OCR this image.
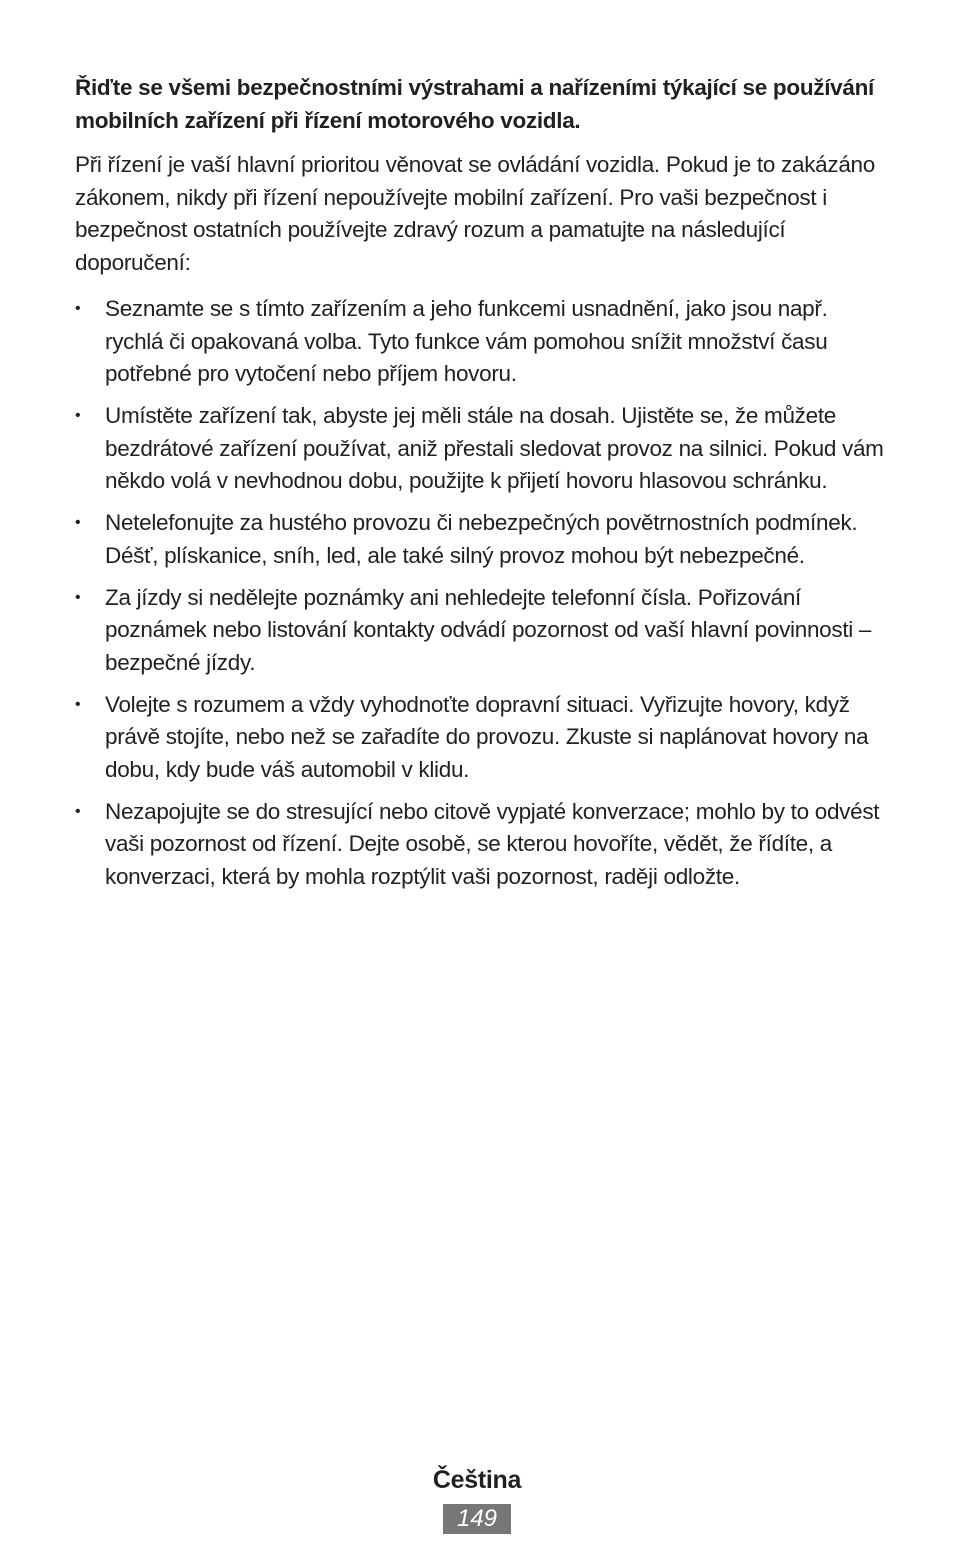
Řiďte se všemi bezpečnostními výstrahami a nařízeními týkající se používání mobilních zařízení při řízení motorového vozidla.

Při řízení je vaší hlavní prioritou věnovat se ovládání vozidla. Pokud je to zakázáno zákonem, nikdy při řízení nepoužívejte mobilní zařízení. Pro vaši bezpečnost i bezpečnost ostatních používejte zdravý rozum a pamatujte na následující doporučení:

• Seznamte se s tímto zařízením a jeho funkcemi usnadnění, jako jsou např. rychlá či opakovaná volba. Tyto funkce vám pomohou snížit množství času potřebné pro vytočení nebo příjem hovoru.
• Umístěte zařízení tak, abyste jej měli stále na dosah. Ujistěte se, že můžete bezdrátové zařízení používat, aniž přestali sledovat provoz na silnici. Pokud vám někdo volá v nevhodnou dobu, použijte k přijetí hovoru hlasovou schránku.
• Netelefonujte za hustého provozu či nebezpečných povětrnostních podmínek. Déšť, plískanice, sníh, led, ale také silný provoz mohou být nebezpečné.
• Za jízdy si nedělejte poznámky ani nehledejte telefonní čísla. Pořizování poznámek nebo listování kontakty odvádí pozornost od vaší hlavní povinnosti – bezpečné jízdy.
• Volejte s rozumem a vždy vyhodnoťte dopravní situaci. Vyřizujte hovory, když právě stojíte, nebo než se zařadíte do provozu. Zkuste si naplánovat hovory na dobu, kdy bude váš automobil v klidu.
• Nezapojujte se do stresující nebo citově vypjaté konverzace; mohlo by to odvést vaši pozornost od řízení. Dejte osobě, se kterou hovoříte, vědět, že řídíte, a konverzaci, která by mohla rozptýlit vaši pozornost, raději odložte.
Čeština
149
